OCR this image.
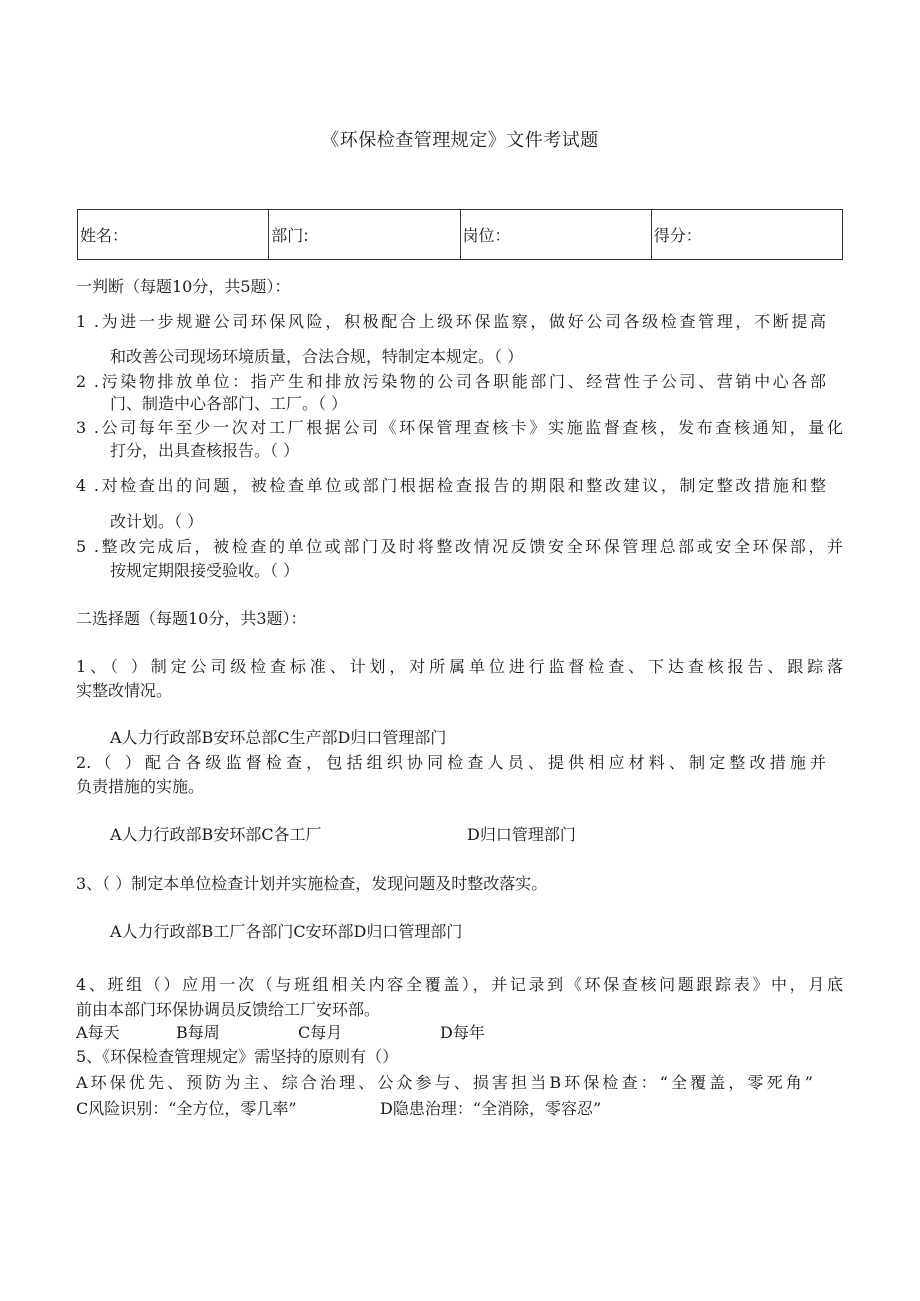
《环保检查管理规定》文件考试题
姓名：	部门:	岗位：	得分：
一判断（每题10分，共5题）：
1 .为进一步规避公司环保风险，积极配合上级环保监察，做好公司各级检查管理，不断提高
和改善公司现场环境质量，合法合规，特制定本规定。（ ）
2 .污染物排放单位：指产生和排放污染物的公司各职能部门、经营性子公司、营销中心各部
门、制造中心各部门、工厂。（ ）
3 .公司每年至少一次对工厂根据公司《环保管理查核卡》实施监督查核，发布查核通知，量化
打分，出具查核报告。（ ）
4 .对检查出的问题，被检查单位或部门根据检查报告的期限和整改建议，制定整改措施和整
改计划。（ ）
5 .整改完成后，被检查的单位或部门及时将整改情况反馈安全环保管理总部或安全环保部，并
按规定期限接受验收。（ ）
二选择题（每题10分，共3题）：
1、（ ）制定公司级检查标准、计划，对所属单位进行监督检查、下达查核报告、跟踪落
实整改情况。
A人力行政部B安环总部C生产部D归口管理部门
2.（ ）配合各级监督检查，包括组织协同检查人员、提供相应材料、制定整改措施并
负责措施的实施。
A人力行政部B安环部C各工厂	D归口管理部门
3、（ ）制定本单位检查计划并实施检查，发现问题及时整改落实。
A人力行政部B工厂各部门C安环部D归口管理部门
4、班组（）应用一次（与班组相关内容全覆盖），并记录到《环保查核问题跟踪表》中，月底
前由本部门环保协调员反馈给工厂安环部。
A每天	B每周	C每月	D每年
5、《环保检查管理规定》需坚持的原则有（）
A环保优先、预防为主、综合治理、公众参与、损害担当B环保检查：“全覆盖，零死角”
C风险识别：“全方位，零几率”	D隐患治理：“全消除，零容忍”
